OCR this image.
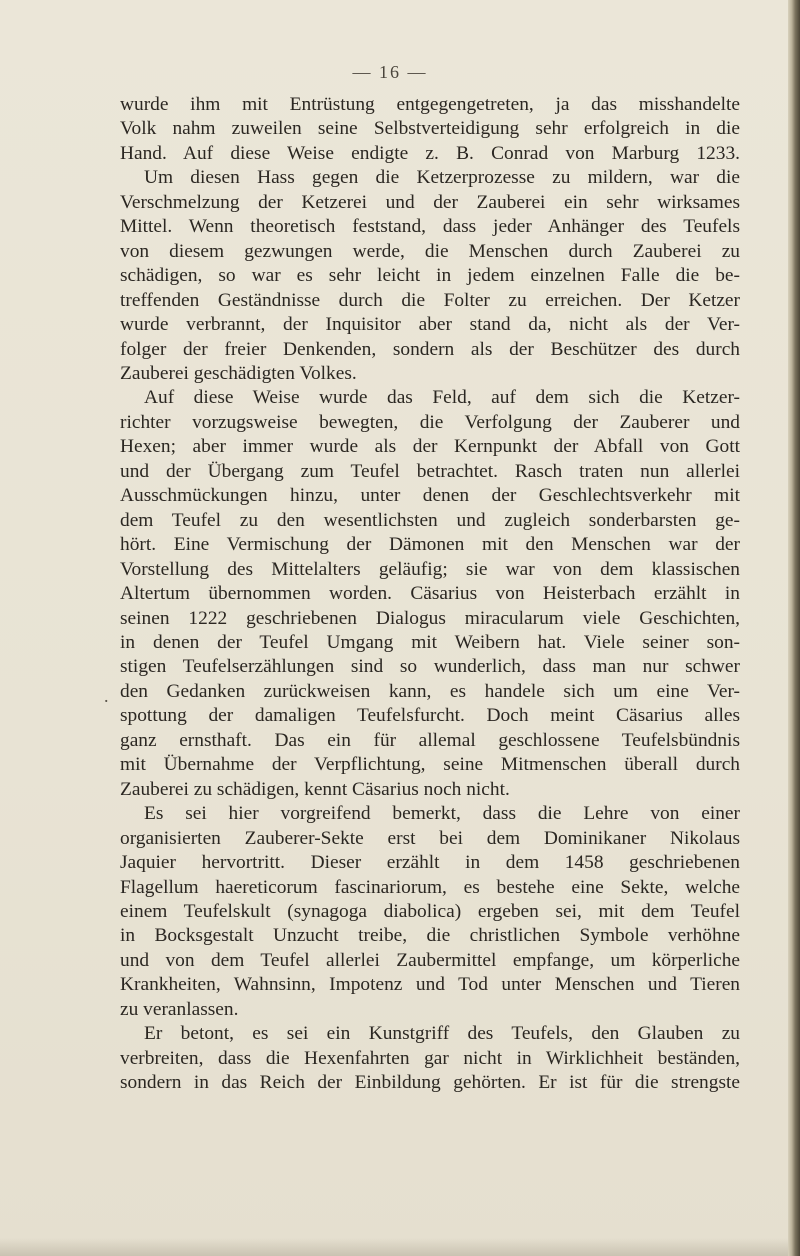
— 16 —
.
wurde ihm mit Entrüstung entgegengetreten, ja das misshandelte
Volk nahm zuweilen seine Selbstverteidigung sehr erfolgreich in die
Hand. Auf diese Weise endigte z. B. Conrad von Marburg 1233.
Um diesen Hass gegen die Ketzerprozesse zu mildern, war die
Verschmelzung der Ketzerei und der Zauberei ein sehr wirksames
Mittel. Wenn theoretisch feststand, dass jeder Anhänger des Teufels
von diesem gezwungen werde, die Menschen durch Zauberei zu
schädigen, so war es sehr leicht in jedem einzelnen Falle die be-
treffenden Geständnisse durch die Folter zu erreichen. Der Ketzer
wurde verbrannt, der Inquisitor aber stand da, nicht als der Ver-
folger der freier Denkenden, sondern als der Beschützer des durch
Zauberei geschädigten Volkes.
Auf diese Weise wurde das Feld, auf dem sich die Ketzer-
richter vorzugsweise bewegten, die Verfolgung der Zauberer und
Hexen; aber immer wurde als der Kernpunkt der Abfall von Gott
und der Übergang zum Teufel betrachtet. Rasch traten nun allerlei
Ausschmückungen hinzu, unter denen der Geschlechtsverkehr mit
dem Teufel zu den wesentlichsten und zugleich sonderbarsten ge-
hört. Eine Vermischung der Dämonen mit den Menschen war der
Vorstellung des Mittelalters geläufig; sie war von dem klassischen
Altertum übernommen worden. Cäsarius von Heisterbach erzählt in
seinen 1222 geschriebenen Dialogus miracularum viele Geschichten,
in denen der Teufel Umgang mit Weibern hat. Viele seiner son-
stigen Teufelserzählungen sind so wunderlich, dass man nur schwer
den Gedanken zurückweisen kann, es handele sich um eine Ver-
spottung der damaligen Teufelsfurcht. Doch meint Cäsarius alles
ganz ernsthaft. Das ein für allemal geschlossene Teufelsbündnis
mit Übernahme der Verpflichtung, seine Mitmenschen überall durch
Zauberei zu schädigen, kennt Cäsarius noch nicht.
Es sei hier vorgreifend bemerkt, dass die Lehre von einer
organisierten Zauberer-Sekte erst bei dem Dominikaner Nikolaus
Jaquier hervortritt. Dieser erzählt in dem 1458 geschriebenen
Flagellum haereticorum fascinariorum, es bestehe eine Sekte, welche
einem Teufelskult (synagoga diabolica) ergeben sei, mit dem Teufel
in Bocksgestalt Unzucht treibe, die christlichen Symbole verhöhne
und von dem Teufel allerlei Zaubermittel empfange, um körperliche
Krankheiten, Wahnsinn, Impotenz und Tod unter Menschen und Tieren
zu veranlassen.
Er betont, es sei ein Kunstgriff des Teufels, den Glauben zu
verbreiten, dass die Hexenfahrten gar nicht in Wirklichheit beständen,
sondern in das Reich der Einbildung gehörten. Er ist für die strengste
